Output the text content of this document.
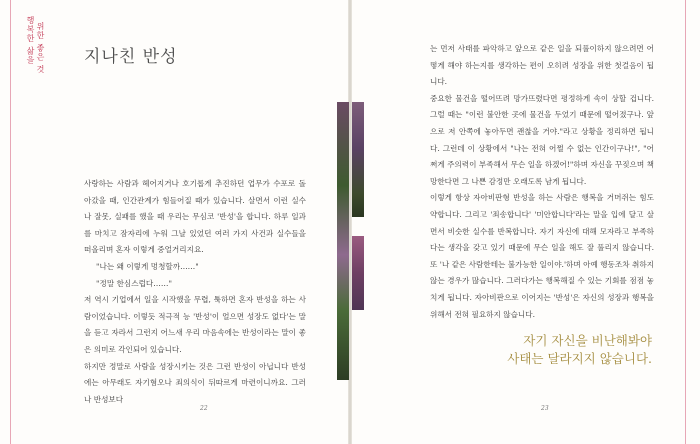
행복한 삶을 위한 좋은 것 지나친 반성

사랑하는 사람과 헤어지거나 호기롭게 추진하던 업무가 수포로 돌아갔을 때, 인간관계가 힘들어질 때가 있습니다. 살면서 이런 실수나 잘못, 실패를 했을 때 우리는 무심코 '반성'을 합니다. 하루 일과를 마치고 잠자리에 누워 그날 있었던 여러 가지 사건과 실수들을 떠올리며 혼자 이렇게 중얼거리지요.

"나는 왜 이렇게 멍청할까……"

"정말 한심스럽다……"

저 역시 기업에서 일을 시작했을 무렵, 툭하면 혼자 반성을 하는 사람이었습니다. 이렇듯 적극적 능 '반성'이 얼으면 성장도 없다'는 말을 듣고 자라서 그런지 어느새 우리 마음속에는 반성이라는 말이 좋은 의미로 각인되어 있습니다.

하지만 정말로 사람을 성장시키는 것은 그런 반성이 아닙니다 반성에는 아무래도 자기혐오나 죄의식이 뒤따르게 마련이니까요. 그러나 반성보다

는 먼저 사태를 파악하고 앞으로 같은 일을 되풀이하지 않으려면 어떻게 해야 하는지를 생각하는 편이 오히려 성장을 위한 첫걸음이 됩니다.

중요한 물건을 떨어뜨려 망가뜨렸다면 평정하게 속이 상할 겁니다. 그럴 때는 "이런 불안한 곳에 물건을 두었기 때문에 떨어졌구나. 앞으로 저 안쪽에 놓아두면 괜찮을 거야."라고 상황을 정리하면 됩니다. 그런데 이 상황에서 "나는 전혀 어쩔 수 없는 인간이구나!", "어쩌게 주의력이 부족해서 무슨 일을 하겠어!"하며 자신을 꾸짖으며 책망한다면 그 나쁜 감정만 오래도록 남게 됩니다.

이렇게 항상 자아비판형 반성을 하는 사람은 행복을 거머쥐는 힘도 약합니다. 그리고 '죄송합니다' '미안합니다'라는 말을 입에 달고 살면서 비슷한 실수를 반복합니다. 자기 자신에 대해 모자라고 부족하다는 생각을 갖고 있기 때문에 무슨 일을 해도 잘 풀리지 않습니다. 또 '나 같은 사람한테는 불가능한 일이야.'하며 아예 행동조차 취하지 않는 경우가 많습니다. 그러다가는 행복해질 수 있는 기회를 점점 놓치게 됩니다. 자아비판으로 이어지는 '반성'은 자신의 성장과 행복을 위해서 전혀 필요하지 않습니다.

자기 자신을 비난해봐야

사태는 달라지지 않습니다.

22	23
